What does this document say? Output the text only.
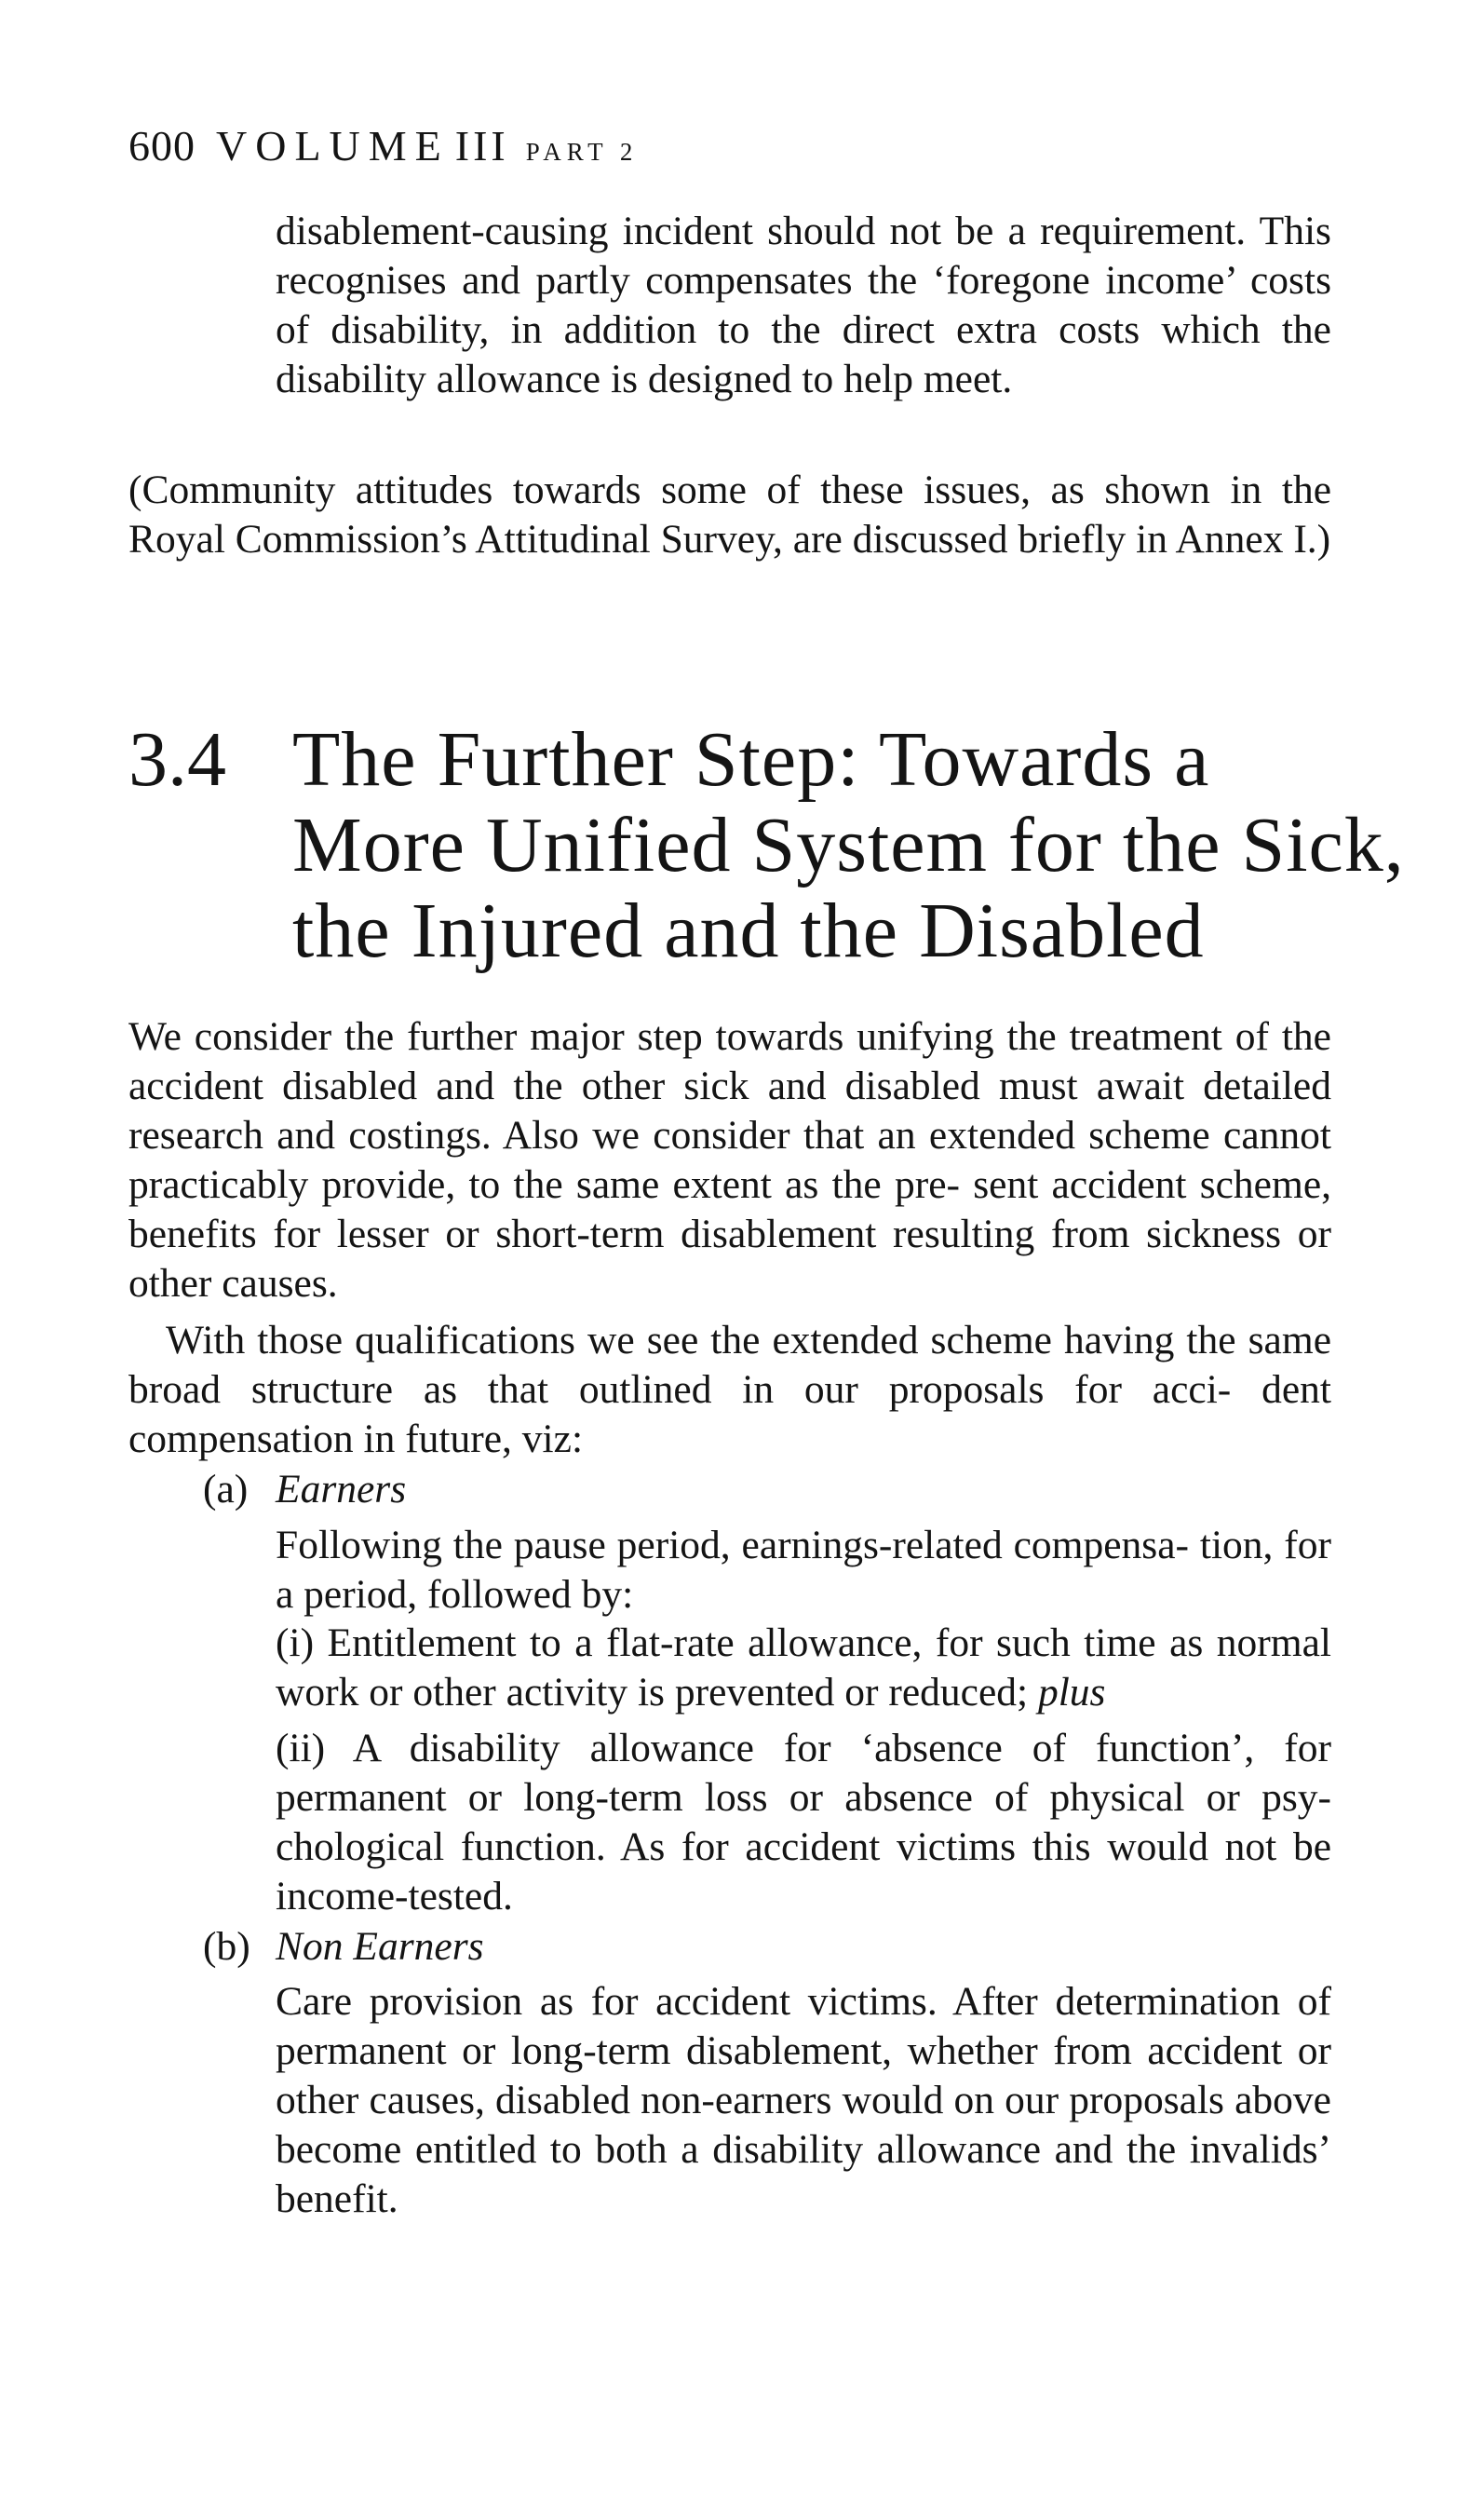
600 VOLUME III PART 2

disablement-causing incident should not be a requirement. This recognises and partly compensates the ‘foregone income’ costs of disability, in addition to the direct extra costs which the disability allowance is designed to help meet.

(Community attitudes towards some of these issues, as shown in the Royal Commission’s Attitudinal Survey, are discussed briefly in Annex I.)

3.4 The Further Step: Towards a
More Unified System for the Sick,
the Injured and the Disabled

We consider the further major step towards unifying the treatment of the accident disabled and the other sick and disabled must await detailed research and costings. Also we consider that an extended scheme cannot practicably provide, to the same extent as the pre- sent accident scheme, benefits for lesser or short-term disablement resulting from sickness or other causes.

With those qualifications we see the extended scheme having the same broad structure as that outlined in our proposals for acci- dent compensation in future, viz:

(a) Earners
Following the pause period, earnings-related compensa- tion, for a period, followed by:
(i) Entitlement to a flat-rate allowance, for such time as normal work or other activity is prevented or reduced; plus
(ii) A disability allowance for ‘absence of function’, for permanent or long-term loss or absence of physical or psy- chological function. As for accident victims this would not be income-tested.
(b) Non Earners
Care provision as for accident victims. After determination of permanent or long-term disablement, whether from accident or other causes, disabled non-earners would on our proposals above become entitled to both a disability allowance and the invalids’ benefit.
